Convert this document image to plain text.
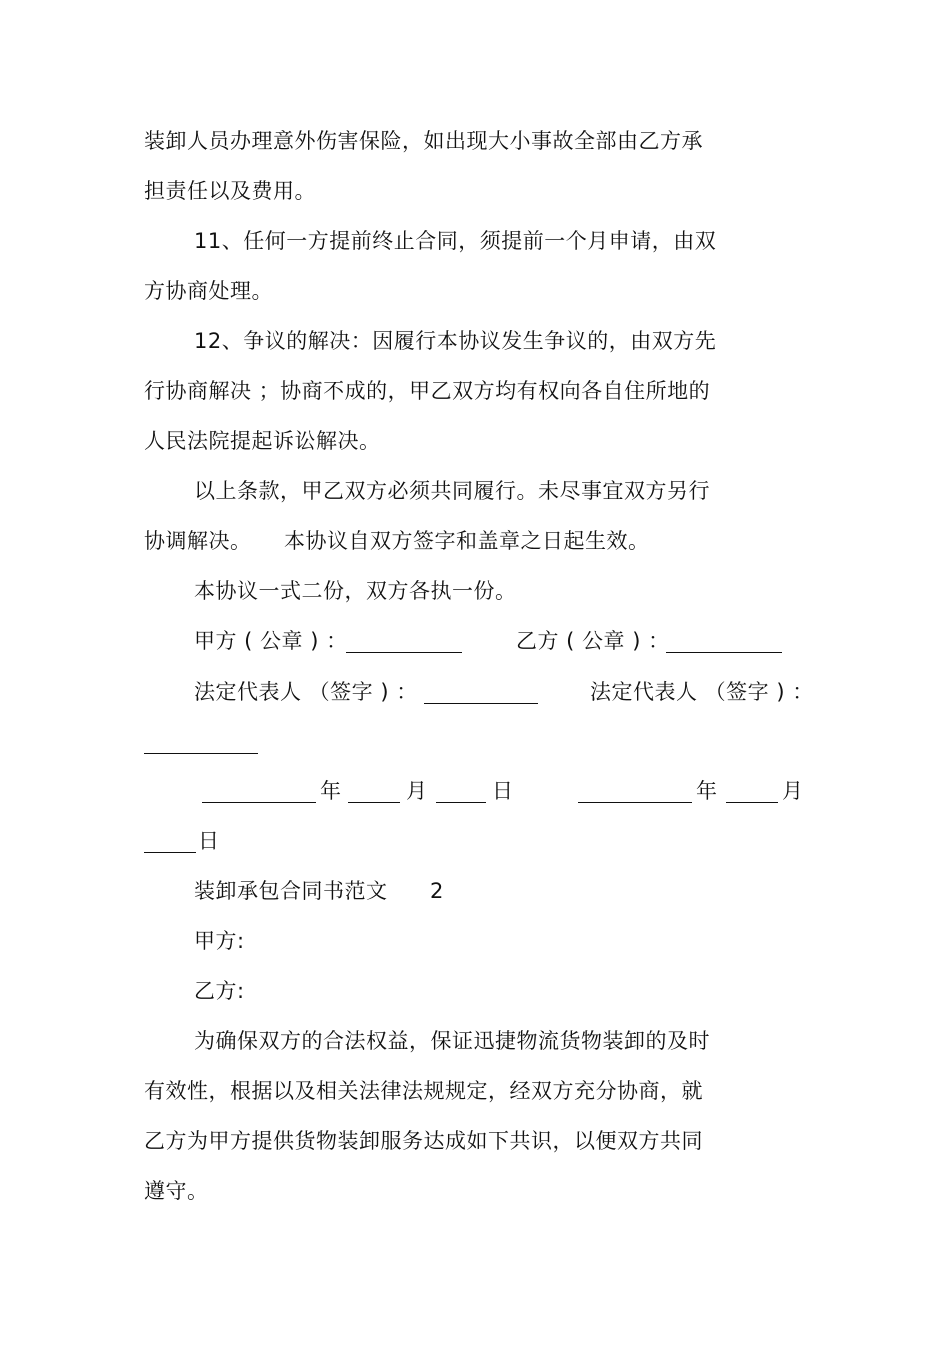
装卸人员办理意外伤害保险，如出现大小事故全部由乙方承
担责任以及费用。
11、任何一方提前终止合同，须提前一个月申请，由双
方协商处理。
12、争议的解决：因履行本协议发生争议的，由双方先
行协商解决 ；协商不成的，甲乙双方均有权向各自住所地的
人民法院提起诉讼解决。
以上条款，甲乙双方必须共同履行。未尽事宜双方另行
协调解决。 本协议自双方签字和盖章之日起生效。
本协议一式二份，双方各执一份。
甲方 ( 公章 ) ：	乙方 ( 公章 ) ：
法定代表人 （签字 ) ：	法定代表人 （签字 ) ：
年	月	日	年	月
日
装卸承包合同书范文 2
甲方:
乙方:
为确保双方的合法权益，保证迅捷物流货物装卸的及时
有效性，根据以及相关法律法规规定，经双方充分协商，就
乙方为甲方提供货物装卸服务达成如下共识，以便双方共同
遵守。
